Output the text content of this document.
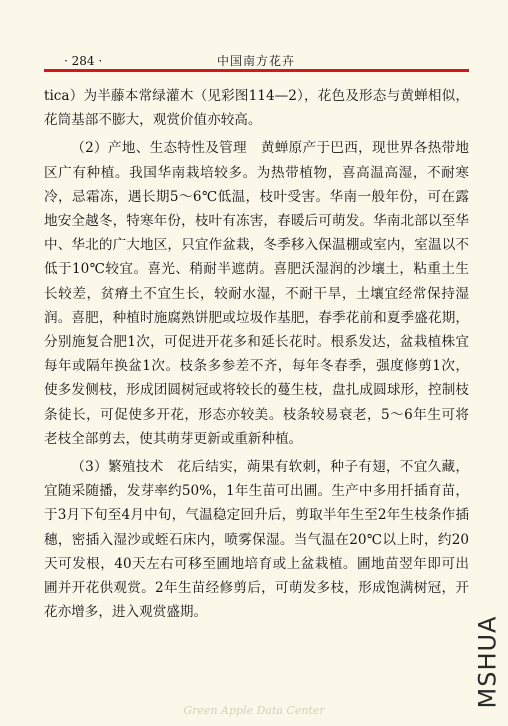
· 284 ·	中国南方花卉

tica）为半藤本常绿灌木（见彩图114—2），花色及形态与黄蝉相似，花筒基部不膨大，观赏价值亦较高。

（2）产地、生态特性及管理　黄蝉原产于巴西，现世界各热带地区广有种植。我国华南栽培较多。为热带植物，喜高温高湿，不耐寒冷，忌霜冻，遇长期5～6℃低温，枝叶受害。华南一般年份，可在露地安全越冬，特寒年份，枝叶有冻害，春暖后可萌发。华南北部以至华中、华北的广大地区，只宜作盆栽，冬季移入保温棚或室内，室温以不低于10℃较宜。喜光、稍耐半遮荫。喜肥沃湿润的沙壤土，粘重土生长较差，贫瘠土不宜生长，较耐水湿，不耐干旱，土壤宜经常保持湿润。喜肥，种植时施腐熟饼肥或垃圾作基肥，春季花前和夏季盛花期，分别施复合肥1次，可促进开花多和延长花时。根系发达，盆栽植株宜每年或隔年换盆1次。枝条多参差不齐，每年冬春季，强度修剪1次，使多发侧枝，形成团圆树冠或将较长的蔓生枝，盘扎成圆球形，控制枝条徒长，可促使多开花，形态亦较美。枝条较易衰老，5～6年生可将老枝全部剪去，使其萌芽更新或重新种植。

（3）繁殖技术　花后结实，蒴果有软刺，种子有翅，不宜久藏，宜随采随播，发芽率约50%，1年生苗可出圃。生产中多用扦插育苗，于3月下旬至4月中旬，气温稳定回升后，剪取半年生至2年生枝条作插穗，密插入湿沙或蛭石床内，喷雾保湿。当气温在20℃以上时，约20天可发根，40天左右可移至圃地培育或上盆栽植。圃地苗翌年即可出圃并开花供观赏。2年生苗经修剪后，可萌发多枝，形成饱满树冠，开花亦增多，进入观赏盛期。

Green Apple Data Center
MSHUA
